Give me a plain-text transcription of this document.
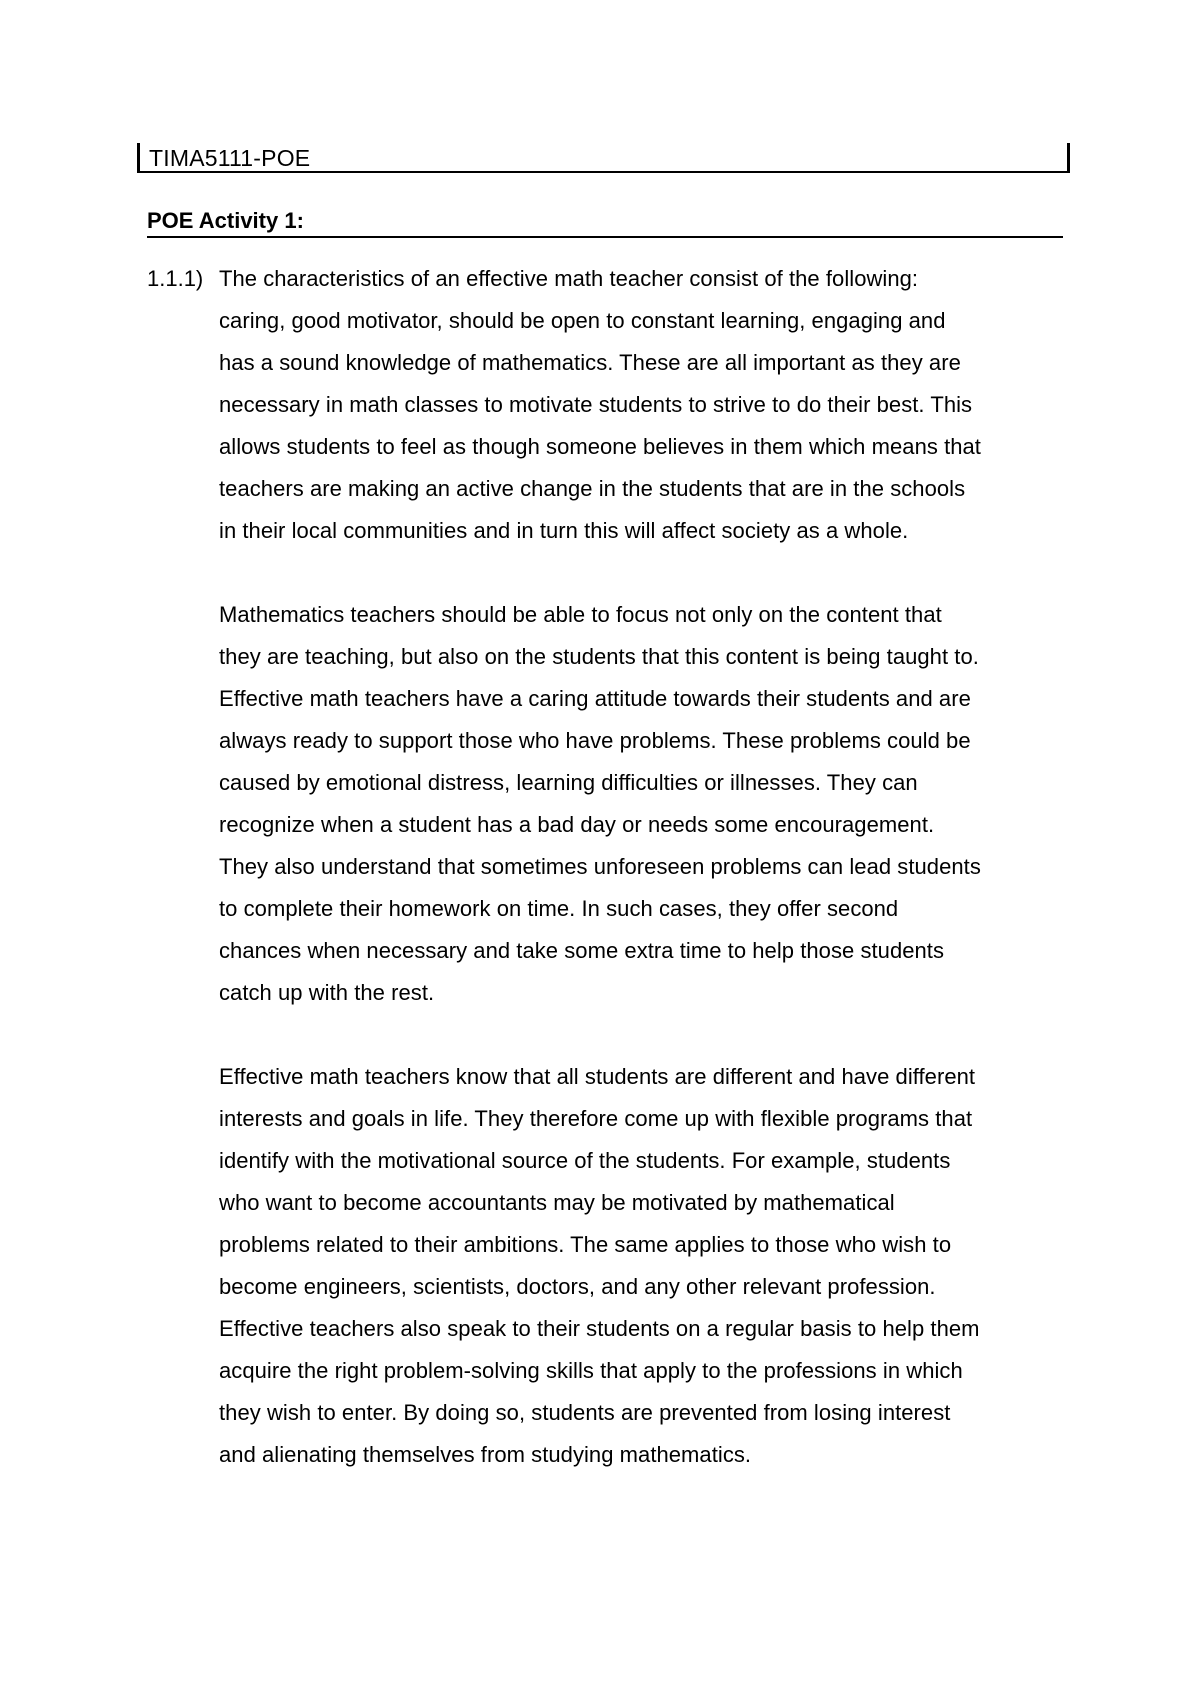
TIMA5111-POE
POE Activity 1:
1.1.1) The characteristics of an effective math teacher consist of the following:
caring, good motivator, should be open to constant learning, engaging and
has a sound knowledge of mathematics. These are all important as they are
necessary in math classes to motivate students to strive to do their best. This
allows students to feel as though someone believes in them which means that
teachers are making an active change in the students that are in the schools
in their local communities and in turn this will affect society as a whole.

Mathematics teachers should be able to focus not only on the content that
they are teaching, but also on the students that this content is being taught to.
Effective math teachers have a caring attitude towards their students and are
always ready to support those who have problems. These problems could be
caused by emotional distress, learning difficulties or illnesses. They can
recognize when a student has a bad day or needs some encouragement.
They also understand that sometimes unforeseen problems can lead students
to complete their homework on time. In such cases, they offer second
chances when necessary and take some extra time to help those students
catch up with the rest.

Effective math teachers know that all students are different and have different
interests and goals in life. They therefore come up with flexible programs that
identify with the motivational source of the students. For example, students
who want to become accountants may be motivated by mathematical
problems related to their ambitions. The same applies to those who wish to
become engineers, scientists, doctors, and any other relevant profession.
Effective teachers also speak to their students on a regular basis to help them
acquire the right problem-solving skills that apply to the professions in which
they wish to enter. By doing so, students are prevented from losing interest
and alienating themselves from studying mathematics.
